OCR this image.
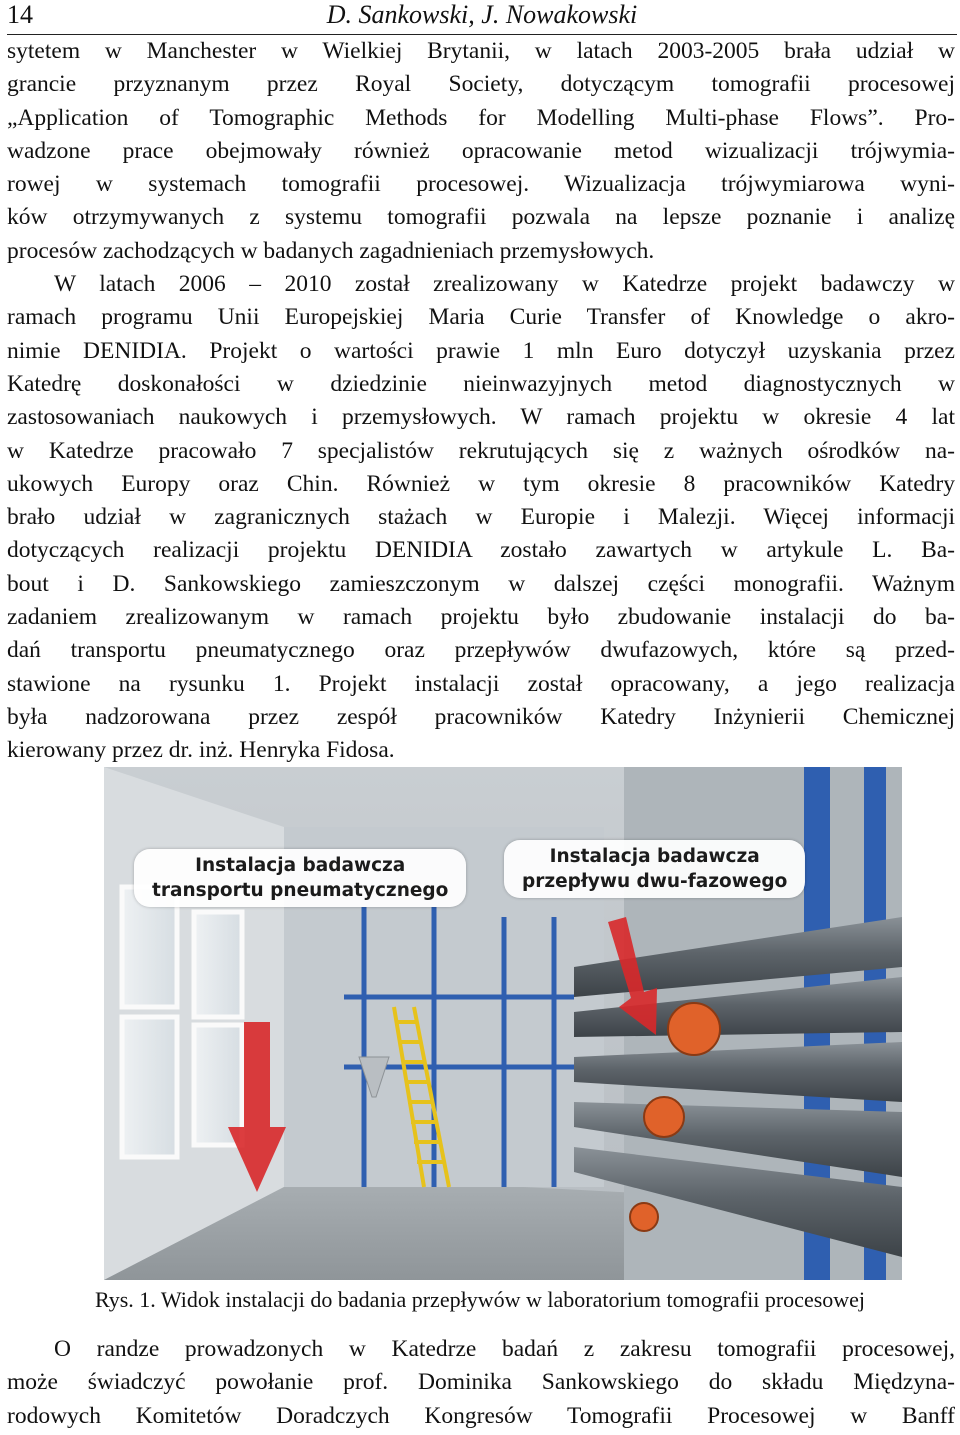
14	D. Sankowski, J. Nowakowski
sytetem w Manchester w Wielkiej Brytanii, w latach 2003-2005 brała udział w
grancie przyznanym przez Royal Society, dotyczącym tomografii procesowej
„Application of Tomographic Methods for Modelling Multi-phase Flows”. Pro-
wadzone prace obejmowały również opracowanie metod wizualizacji trójwymia-
rowej w systemach tomografii procesowej. Wizualizacja trójwymiarowa wyni-
ków otrzymywanych z systemu tomografii pozwala na lepsze poznanie i analizę
procesów zachodzących w badanych zagadnieniach przemysłowych.
W latach 2006 – 2010 został zrealizowany w Katedrze projekt badawczy w
ramach programu Unii Europejskiej Maria Curie Transfer of Knowledge o akro-
nimie DENIDIA. Projekt o wartości prawie 1 mln Euro dotyczył uzyskania przez
Katedrę doskonałości w dziedzinie nieinwazyjnych metod diagnostycznych w
zastosowaniach naukowych i przemysłowych. W ramach projektu w okresie 4 lat
w Katedrze pracowało 7 specjalistów rekrutujących się z ważnych ośrodków na-
ukowych Europy oraz Chin. Również w tym okresie 8 pracowników Katedry
brało udział w zagranicznych stażach w Europie i Malezji. Więcej informacji
dotyczących realizacji projektu DENIDIA zostało zawartych w artykule L. Ba-
bout i D. Sankowskiego zamieszczonym w dalszej części monografii. Ważnym
zadaniem zrealizowanym w ramach projektu było zbudowanie instalacji do ba-
dań transportu pneumatycznego oraz przepływów dwufazowych, które są przed-
stawione na rysunku 1. Projekt instalacji został opracowany, a jego realizacja
była nadzorowana przez zespół pracowników Katedry Inżynierii Chemicznej
kierowany przez dr. inż. Henryka Fidosa.
Instalacja badawcza
transportu pneumatycznego
Instalacja badawcza
przepływu dwu-fazowego
Rys. 1. Widok instalacji do badania przepływów w laboratorium tomografii procesowej
O randze prowadzonych w Katedrze badań z zakresu tomografii procesowej,
może świadczyć powołanie prof. Dominika Sankowskiego do składu Międzyna-
rodowych Komitetów Doradczych Kongresów Tomografii Procesowej w Banff
